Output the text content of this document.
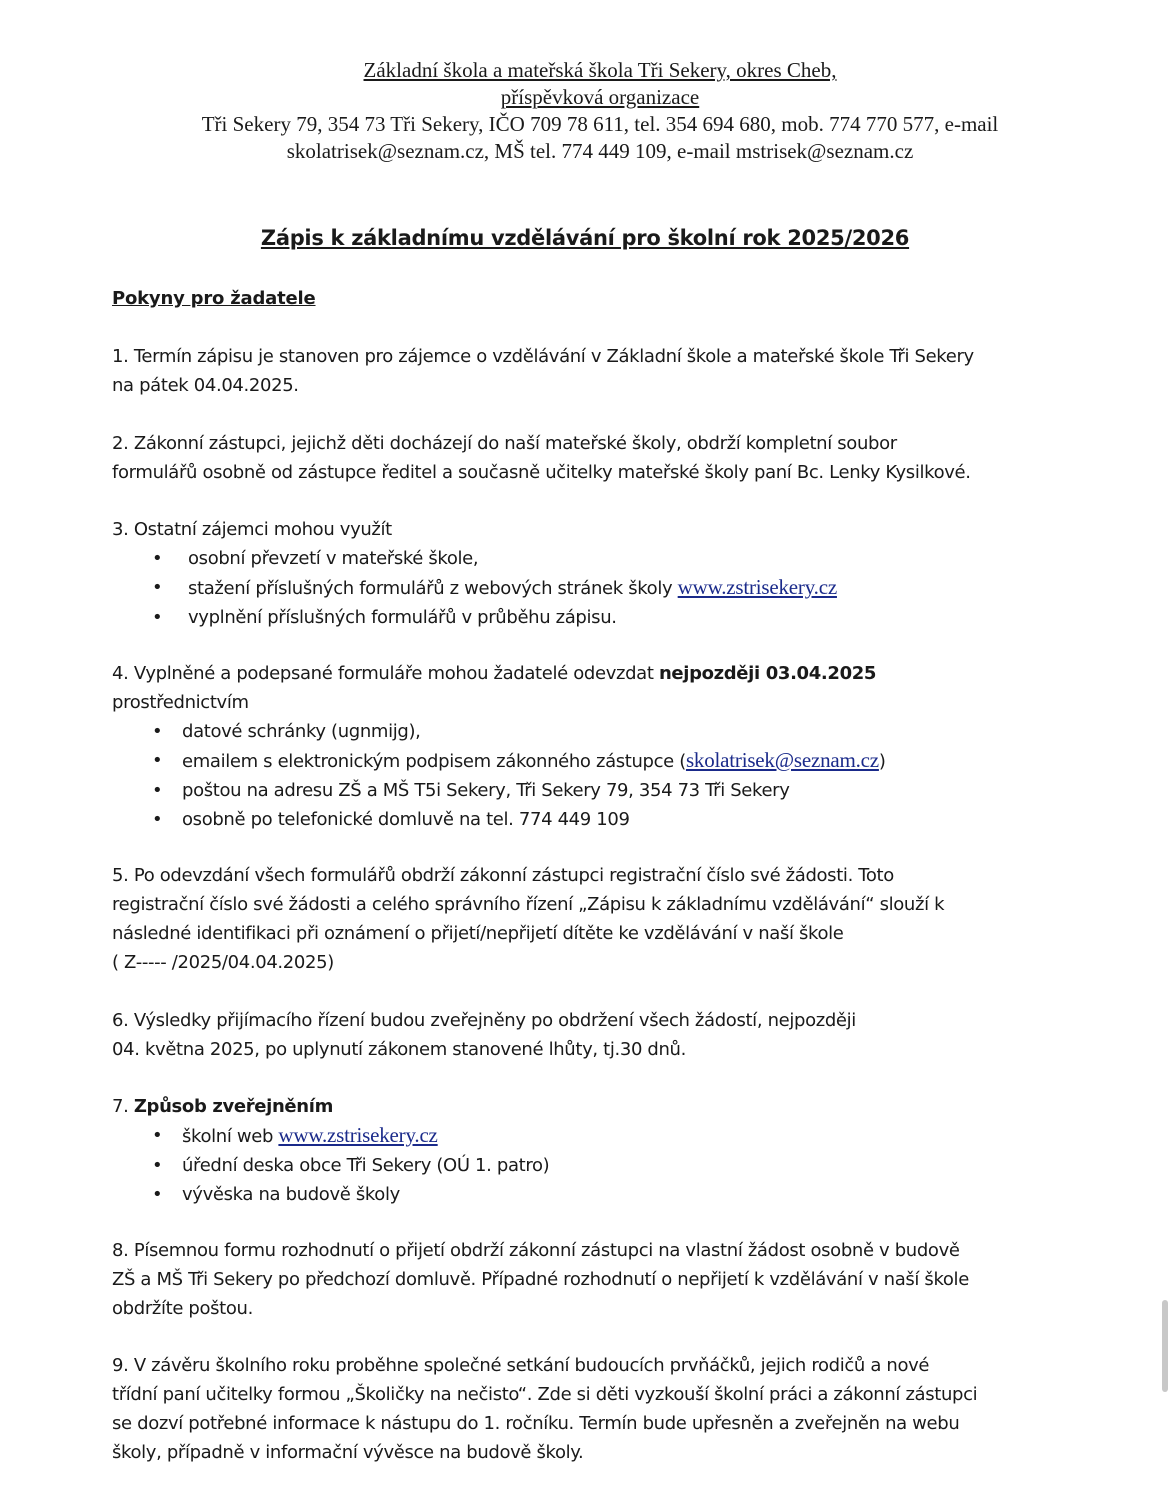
Základní škola a mateřská škola Tři Sekery, okres Cheb,
příspěvková organizace
Tři Sekery 79, 354 73 Tři Sekery, IČO 709 78 611, tel. 354 694 680, mob. 774 770 577, e-mail
skolatrisek@seznam.cz, MŠ tel. 774 449 109, e-mail mstrisek@seznam.cz
Zápis k základnímu vzdělávání pro školní rok 2025/2026
Pokyny pro žadatele
1. Termín zápisu je stanoven pro zájemce o vzdělávání v Základní škole a mateřské škole Tři Sekery
na pátek 04.04.2025.
2. Zákonní zástupci, jejichž děti docházejí do naší mateřské školy, obdrží kompletní soubor
formulářů osobně od zástupce ředitel a současně učitelky mateřské školy paní Bc. Lenky Kysilkové.
3. Ostatní zájemci mohou využít
• osobní převzetí v mateřské škole,
• stažení příslušných formulářů z webových stránek školy www.zstrisekery.cz
• vyplnění příslušných formulářů v průběhu zápisu.
4. Vyplněné a podepsané formuláře mohou žadatelé odevzdat nejpozději 03.04.2025
prostřednictvím
• datové schránky (ugnmijg),
• emailem s elektronickým podpisem zákonného zástupce (skolatrisek@seznam.cz)
• poštou na adresu ZŠ a MŠ T5i Sekery, Tři Sekery 79, 354 73 Tři Sekery
• osobně po telefonické domluvě na tel. 774 449 109
5. Po odevzdání všech formulářů obdrží zákonní zástupci registrační číslo své žádosti. Toto
registrační číslo své žádosti a celého správního řízení „Zápisu k základnímu vzdělávání“ slouží k
následné identifikaci při oznámení o přijetí/nepřijetí dítěte ke vzdělávání v naší škole
( Z----- /2025/04.04.2025)
6. Výsledky přijímacího řízení budou zveřejněny po obdržení všech žádostí, nejpozději
04. května 2025, po uplynutí zákonem stanovené lhůty, tj.30 dnů.
7. Způsob zveřejněním
• školní web www.zstrisekery.cz
• úřední deska obce Tři Sekery (OÚ 1. patro)
• vývěska na budově školy
8. Písemnou formu rozhodnutí o přijetí obdrží zákonní zástupci na vlastní žádost osobně v budově
ZŠ a MŠ Tři Sekery po předchozí domluvě. Případné rozhodnutí o nepřijetí k vzdělávání v naší škole
obdržíte poštou.
9. V závěru školního roku proběhne společné setkání budoucích prvňáčků, jejich rodičů a nové
třídní paní učitelky formou „Školičky na nečisto“. Zde si děti vyzkouší školní práci a zákonní zástupci
se dozví potřebné informace k nástupu do 1. ročníku. Termín bude upřesněn a zveřejněn na webu
školy, případně v informační vývěsce na budově školy.
